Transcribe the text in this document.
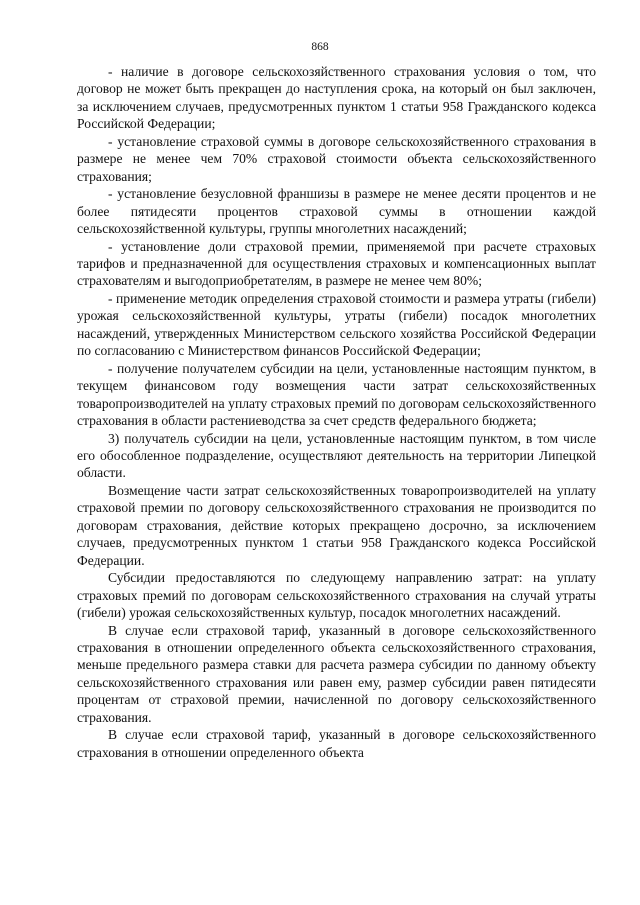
868

- наличие в договоре сельскохозяйственного страхования условия о том, что договор не может быть прекращен до наступления срока, на который он был заключен, за исключением случаев, предусмотренных пунктом 1 статьи 958 Гражданского кодекса Российской Федерации;

- установление страховой суммы в договоре сельскохозяйственного страхования в размере не менее чем 70% страховой стоимости объекта сельскохозяйственного страхования;

- установление безусловной франшизы в размере не менее десяти процентов и не более пятидесяти процентов страховой суммы в отношении каждой сельскохозяйственной культуры, группы многолетних насаждений;

- установление доли страховой премии, применяемой при расчете страховых тарифов и предназначенной для осуществления страховых и компенсационных выплат страхователям и выгодоприобретателям, в размере не менее чем 80%;

- применение методик определения страховой стоимости и размера утраты (гибели) урожая сельскохозяйственной культуры, утраты (гибели) посадок многолетних насаждений, утвержденных Министерством сельского хозяйства Российской Федерации по согласованию с Министерством финансов Российской Федерации;

- получение получателем субсидии на цели, установленные настоящим пунктом, в текущем финансовом году возмещения части затрат сельскохозяйственных товаропроизводителей на уплату страховых премий по договорам сельскохозяйственного страхования в области растениеводства за счет средств федерального бюджета;

3) получатель субсидии на цели, установленные настоящим пунктом, в том числе его обособленное подразделение, осуществляют деятельность на территории Липецкой области.

Возмещение части затрат сельскохозяйственных товаропроизводителей на уплату страховой премии по договору сельскохозяйственного страхования не производится по договорам страхования, действие которых прекращено досрочно, за исключением случаев, предусмотренных пунктом 1 статьи 958 Гражданского кодекса Российской Федерации.

Субсидии предоставляются по следующему направлению затрат: на уплату страховых премий по договорам сельскохозяйственного страхования на случай утраты (гибели) урожая сельскохозяйственных культур, посадок многолетних насаждений.

В случае если страховой тариф, указанный в договоре сельскохозяйственного страхования в отношении определенного объекта сельскохозяйственного страхования, меньше предельного размера ставки для расчета размера субсидии по данному объекту сельскохозяйственного страхования или равен ему, размер субсидии равен пятидесяти процентам от страховой премии, начисленной по договору сельскохозяйственного страхования.

В случае если страховой тариф, указанный в договоре сельскохозяйственного страхования в отношении определенного объекта
